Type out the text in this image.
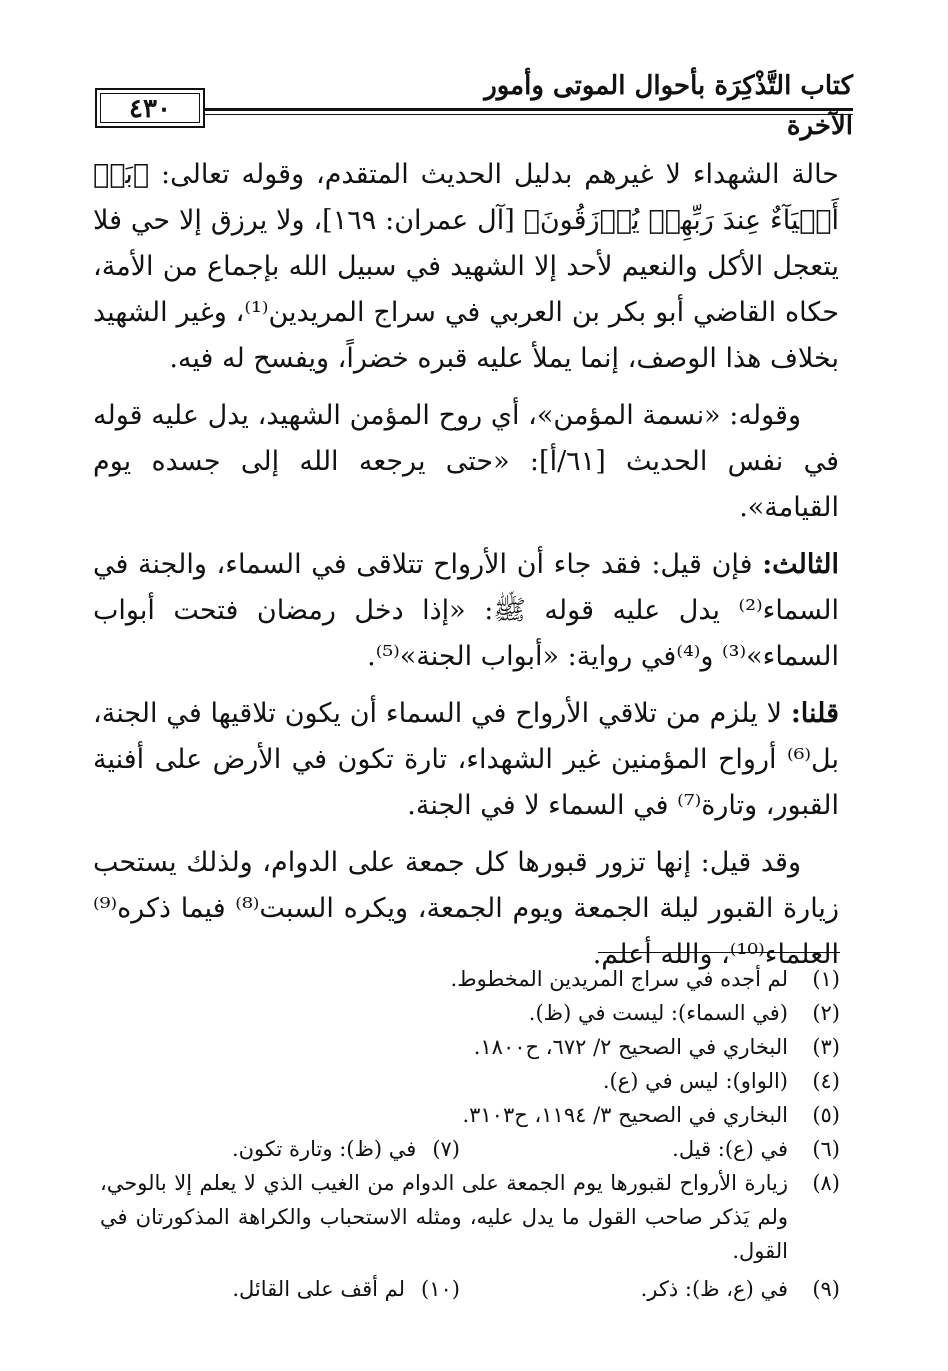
كتاب التَّذْكِرَة بأحوال الموتى وأمور الآخرة
٤٣٠

حالة الشهداء لا غيرهم بدليل الحديث المتقدم، وقوله تعالى: ﴿بَلۡ أَحۡيَآءٌ عِندَ رَبِّهِمۡ يُرۡزَقُونَ﴾ [آل عمران: ١٦٩]، ولا يرزق إلا حي فلا يتعجل الأكل والنعيم لأحد إلا الشهيد في سبيل الله بإجماع من الأمة، حكاه القاضي أبو بكر بن العربي في سراج المريدين⁽¹⁾، وغير الشهيد بخلاف هذا الوصف، إنما يملأ عليه قبره خضراً، ويفسح له فيه.

وقوله: «نسمة المؤمن»، أي روح المؤمن الشهيد، يدل عليه قوله في نفس الحديث [٦١/أ]: «حتى يرجعه الله إلى جسده يوم القيامة».

الثالث: فإن قيل: فقد جاء أن الأرواح تتلاقى في السماء، والجنة في السماء⁽²⁾ يدل عليه قوله ﷺ: «إذا دخل رمضان فتحت أبواب السماء»⁽³⁾ و⁽⁴⁾في رواية: «أبواب الجنة»⁽⁵⁾.

قلنا: لا يلزم من تلاقي الأرواح في السماء أن يكون تلاقيها في الجنة، بل⁽⁶⁾ أرواح المؤمنين غير الشهداء، تارة تكون في الأرض على أفنية القبور، وتارة⁽⁷⁾ في السماء لا في الجنة.

وقد قيل: إنها تزور قبورها كل جمعة على الدوام، ولذلك يستحب زيارة القبور ليلة الجمعة ويوم الجمعة، ويكره السبت⁽⁸⁾ فيما ذكره⁽⁹⁾ العلماء⁽¹⁰⁾، والله أعلم.

(١)
لم أجده في سراج المريدين المخطوط.
(٢)
(في السماء): ليست في (ظ).
(٣)
البخاري في الصحيح ٢/ ٦٧٢، ح١٨٠٠.
(٤)
(الواو): ليس في (ع).
(٥)
البخاري في الصحيح ٣/ ١١٩٤، ح٣١٠٣.
(٦)
في (ع): قيل.
(٧)في (ظ): وتارة تكون.
(٨)
زيارة الأرواح لقبورها يوم الجمعة على الدوام من الغيب الذي لا يعلم إلا بالوحي، ولم يَذكر صاحب القول ما يدل عليه، ومثله الاستحباب والكراهة المذكورتان في القول.
(٩)
في (ع، ظ): ذكر.
(١٠)لم أقف على القائل.
